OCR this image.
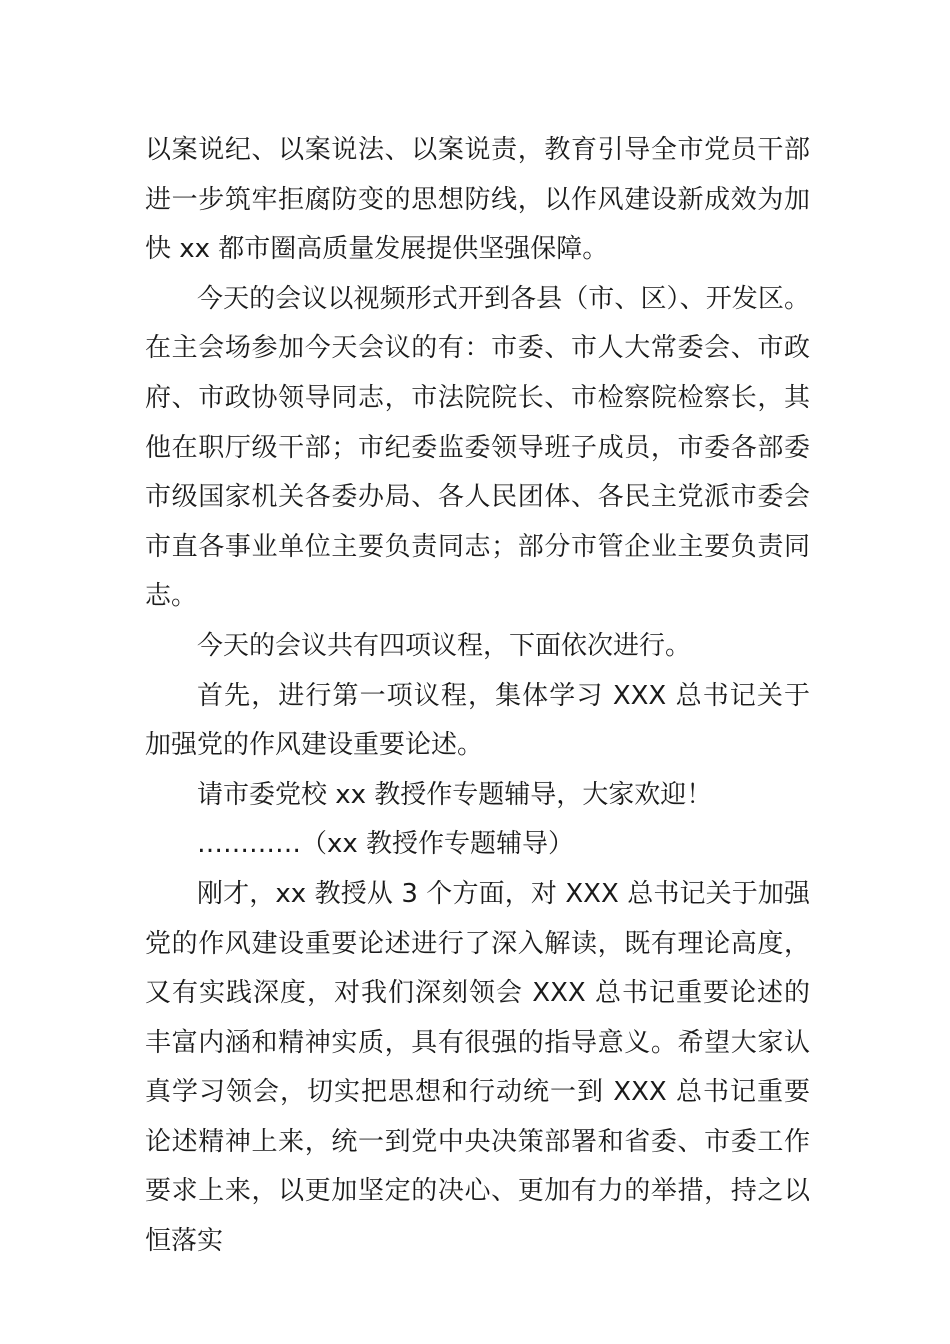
以案说纪、以案说法、以案说责，教育引导全市党员干部进一步筑牢拒腐防变的思想防线，以作风建设新成效为加快 xx 都市圈高质量发展提供坚强保障。

今天的会议以视频形式开到各县（市、区）、开发区。在主会场参加今天会议的有：市委、市人大常委会、市政府、市政协领导同志，市法院院长、市检察院检察长，其他在职厅级干部；市纪委监委领导班子成员，市委各部委市级国家机关各委办局、各人民团体、各民主党派市委会市直各事业单位主要负责同志；部分市管企业主要负责同志。

今天的会议共有四项议程，下面依次进行。

首先，进行第一项议程，集体学习 XXX 总书记关于加强党的作风建设重要论述。

请市委党校 xx 教授作专题辅导，大家欢迎！

…………（xx 教授作专题辅导）

刚才，xx 教授从 3 个方面，对 XXX 总书记关于加强党的作风建设重要论述进行了深入解读，既有理论高度，又有实践深度，对我们深刻领会 XXX 总书记重要论述的丰富内涵和精神实质，具有很强的指导意义。希望大家认真学习领会，切实把思想和行动统一到 XXX 总书记重要论述精神上来，统一到党中央决策部署和省委、市委工作要求上来，以更加坚定的决心、更加有力的举措，持之以恒落实
